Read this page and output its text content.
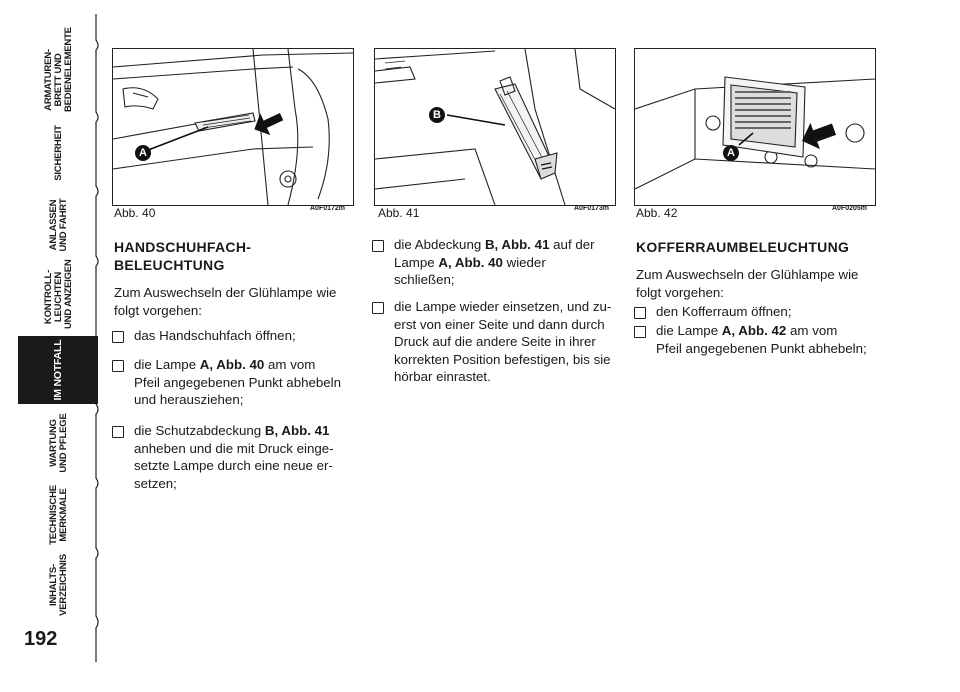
ARMATUREN-
BRETT UND
BEDIENELEMENTE
SICHERHEIT
ANLASSEN
UND FAHRT
KONTROLL-
LEUCHTEN
UND ANZEIGEN
IM NOTFALL
WARTUNG
UND PFLEGE
TECHNISCHE
MERKMALE
INHALTS-
VERZEICHNIS
192
A
Abb. 40	A0F0172m
B
Abb. 41	A0F0173m
A
Abb. 42	A0F0205m
HANDSCHUHFACH-
BELEUCHTUNG
Zum Auswechseln der Glühlampe wie
folgt vorgehen:
das Handschuhfach öffnen;
die Lampe A, Abb. 40 am vom
Pfeil angegebenen Punkt abhebeln
und herausziehen;
die Schutzabdeckung B, Abb. 41
anheben und die mit Druck einge-
setzte Lampe durch eine neue er-
setzen;
die Abdeckung B, Abb. 41 auf der
Lampe A, Abb. 40 wieder
schließen;
die Lampe wieder einsetzen, und zu-
erst von einer Seite und dann durch
Druck auf die andere Seite in ihrer
korrekten Position befestigen, bis sie
hörbar einrastet.
KOFFERRAUMBELEUCHTUNG
Zum Auswechseln der Glühlampe wie
folgt vorgehen:
den Kofferraum öffnen;
die Lampe A, Abb. 42 am vom
Pfeil angegebenen Punkt abhebeln;
